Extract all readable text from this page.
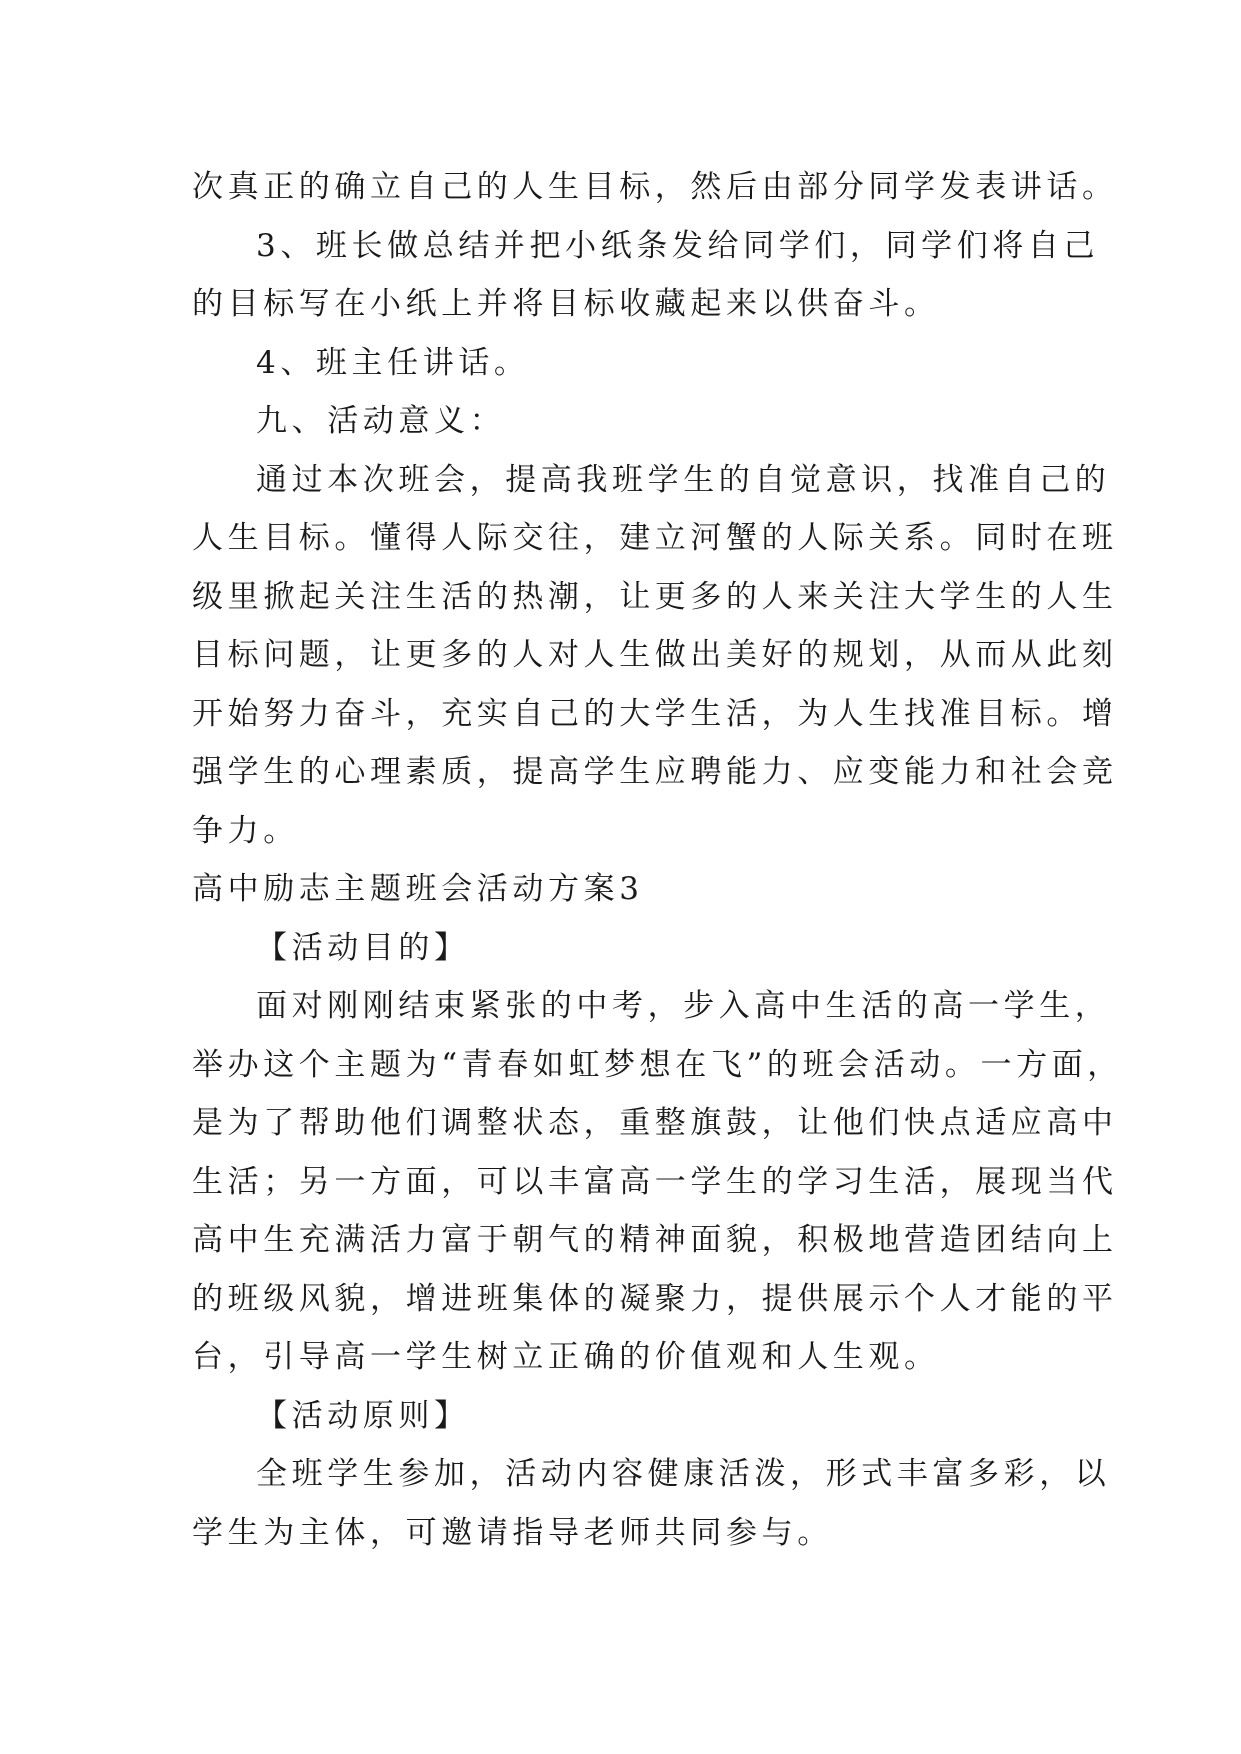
次真正的确立自己的人生目标，然后由部分同学发表讲话。
3、班长做总结并把小纸条发给同学们，同学们将自己
的目标写在小纸上并将目标收藏起来以供奋斗。
4、班主任讲话。
九、活动意义：
通过本次班会，提高我班学生的自觉意识，找准自己的
人生目标。懂得人际交往，建立河蟹的人际关系。同时在班
级里掀起关注生活的热潮，让更多的人来关注大学生的人生
目标问题，让更多的人对人生做出美好的规划，从而从此刻
开始努力奋斗，充实自己的大学生活，为人生找准目标。增
强学生的心理素质，提高学生应聘能力、应变能力和社会竞
争力。
高中励志主题班会活动方案3
【活动目的】
面对刚刚结束紧张的中考，步入高中生活的高一学生，
举办这个主题为“青春如虹梦想在飞”的班会活动。一方面，
是为了帮助他们调整状态，重整旗鼓，让他们快点适应高中
生活；另一方面，可以丰富高一学生的学习生活，展现当代
高中生充满活力富于朝气的精神面貌，积极地营造团结向上
的班级风貌，增进班集体的凝聚力，提供展示个人才能的平
台，引导高一学生树立正确的价值观和人生观。
【活动原则】
全班学生参加，活动内容健康活泼，形式丰富多彩，以
学生为主体，可邀请指导老师共同参与。
